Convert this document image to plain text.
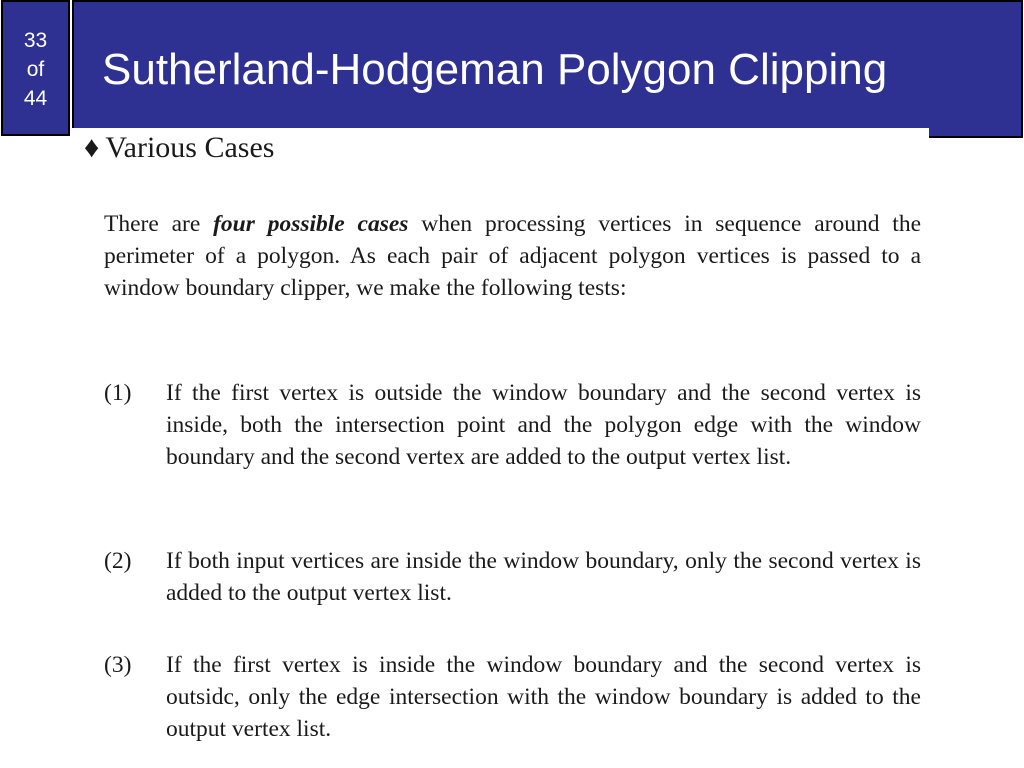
33
of
44
Sutherland-Hodgeman Polygon Clipping
♦ Various Cases

There are four possible cases when processing vertices in sequence around the perimeter of a polygon. As each pair of adjacent polygon vertices is passed to a window boundary clipper, we make the following tests:

(1) If the first vertex is outside the window boundary and the second vertex is inside, both the intersection point and the polygon edge with the window boundary and the second vertex are added to the output vertex list.

(2) If both input vertices are inside the window boundary, only the second vertex is added to the output vertex list.

(3) If the first vertex is inside the window boundary and the second vertex is outsidc, only the edge intersection with the window boundary is added to the output vertex list.
